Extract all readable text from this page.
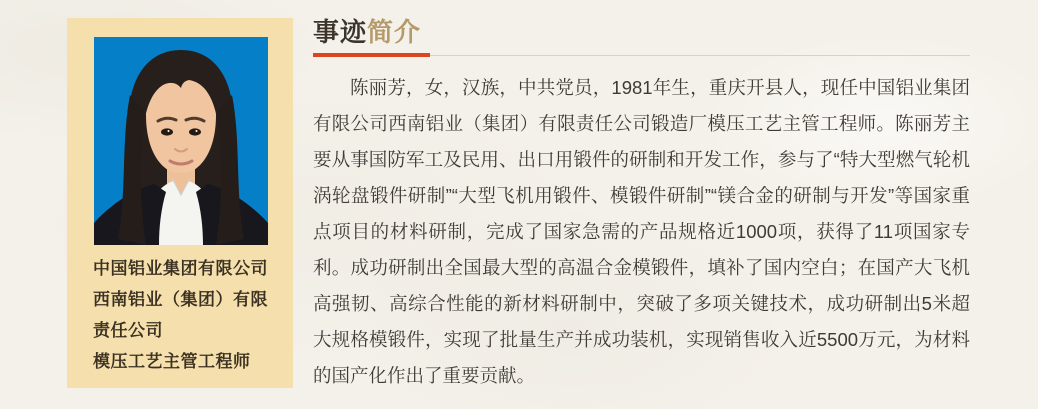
中国铝业集团有限公司西南铝业（集团）有限责任公司

模压工艺主管工程师

事迹简介

陈丽芳，女，汉族，中共党员，1981年生，重庆开县人，现任中国铝业集团有限公司西南铝业（集团）有限责任公司锻造厂模压工艺主管工程师。陈丽芳主要从事国防军工及民用、出口用锻件的研制和开发工作，参与了“特大型燃气轮机涡轮盘锻件研制”“大型飞机用锻件、模锻件研制”“镁合金的研制与开发”等国家重点项目的材料研制，完成了国家急需的产品规格近1000项，获得了11项国家专利。成功研制出全国最大型的高温合金模锻件，填补了国内空白；在国产大飞机高强韧、高综合性能的新材料研制中，突破了多项关键技术，成功研制出5米超大规格模锻件，实现了批量生产并成功装机，实现销售收入近5500万元，为材料的国产化作出了重要贡献。
